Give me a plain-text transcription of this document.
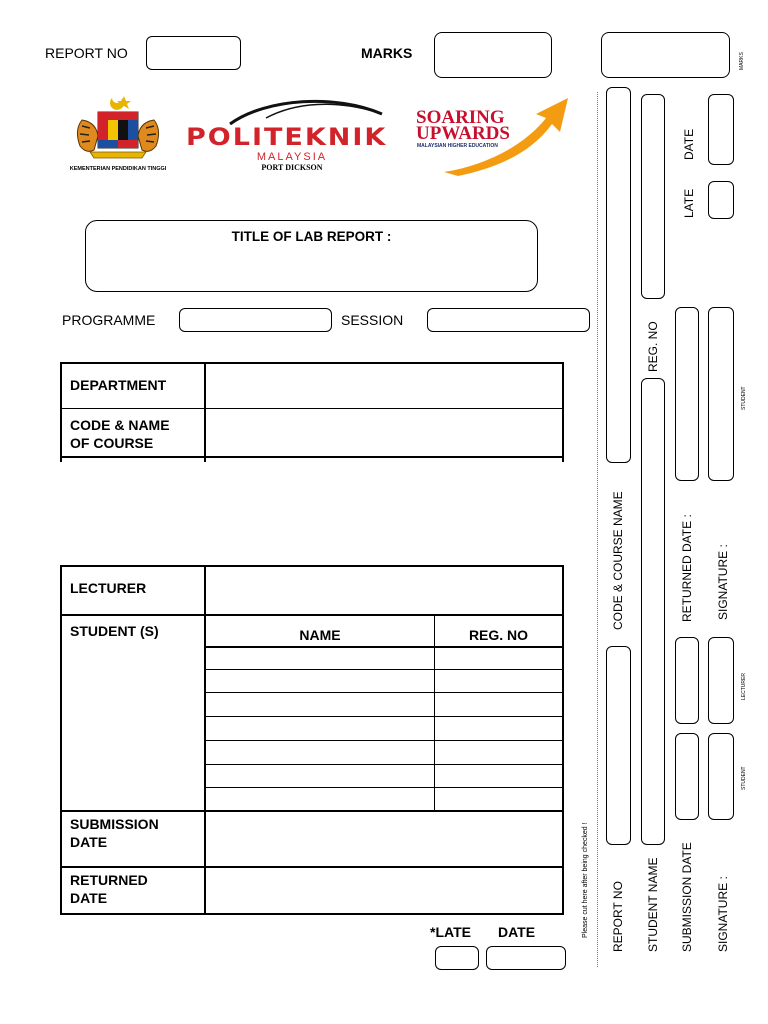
REPORT NO	MARKS
KEMENTERIAN PENDIDIKAN TINGGI
POLITEKNIK
MALAYSIA
PORT DICKSON
SOARING
UPWARDS
MALAYSIAN HIGHER EDUCATION
TITLE OF LAB REPORT :
PROGRAMME	SESSION
DEPARTMENT
CODE & NAME
OF COURSE
LECTURER
STUDENT (S)	NAME	REG. NO
SUBMISSION
DATE
RETURNED
DATE
*LATE DATE	Please cut here after being checked !
MARKS
CODE & COURSE NAME
REPORT NO
REG. NO
STUDENT NAME
RETURNED DATE :
SUBMISSION DATE
DATE
LATE
SIGNATURE :
SIGNATURE :
STUDENT
LECTURER
STUDENT
